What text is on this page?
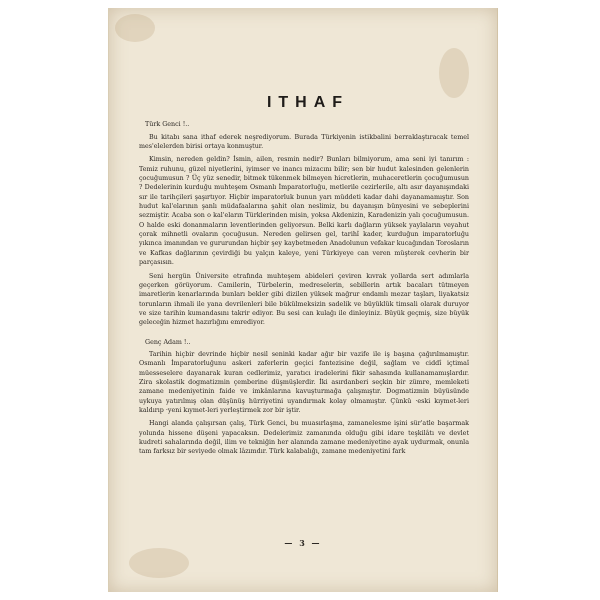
ITHAF
Türk Genci !..

Bu kitabı sana ithaf ederek neşrediyorum. Burada Türkiyenin istikbalini berraklaştıracak temel mes'elelerden birisi ortaya konmuştur.

Kimsin, nereden geldin? İsmin, ailen, resmin nedir? Bunları bilmiyorum, ama seni iyi tanırım : Temiz ruhunu, güzel niyetlerini, iyimser ve inancı mizacını bilir; sen bir hudut kalesinden gelenlerin çocuğumusun ? Üç yüz senedir, bitmek tükenmek bilmeyen hicretlerin, muhaceretlerin çocuğumusun ? Dedelerinin kurduğu muhteşem Osmanlı İmparatorluğu, metlerile cezirlerile, altı asır dayanışındaki sır ile tarihçileri şaşırtıyor. Hiçbir imparatorluk bunun yarı müddeti kadar dahi dayanamamıştır. Son hudut kal'elarının şanlı müdafaalarına şahit olan neslimiz, bu dayanışın bünyesini ve sebeplerini sezmiştir. Acaba son o kal'eların Türklerinden misin, yoksa Akdenizin, Karadenizin yalı çocuğumusun. O halde eski donanmaların leventlerinden geliyorsun. Belki karlı dağların yüksek yaylaların veyahut çorak mihnetli ovaların çocuğusun. Nereden gelirsen gel, tarihî kader, kurduğun imparatorluğu yıkınca imanından ve gururundan hiçbir şey kaybetmeden Anadolunun vefakar kucağından Torosların ve Kafkas dağlarının çevirdiği bu yalçın kaleye, yeni Türkiyeye can veren müşterek cevherin bir parçasısın.

Seni hergün Üniversite etrafında muhteşem abideleri çeviren kıvrak yollarda sert adımlarla geçerken görüyorum. Camilerin, Türbelerin, medreselerin, sebillerin artık bacaları tütmeyen imaretlerin kenarlarında bunları bekler gibi dizilen yüksek mağrur endamlı mezar taşları, liyakatsiz torunların ihmali ile yana devrilenleri bile bükülmeksizin sadelik ve büyüklük timsali olarak duruyor ve size tarihin kumandasını takrir ediyor. Bu sesi can kulağı ile dinleyiniz. Büyük geçmiş, size büyük geleceğin hizmet hazırlığını emrediyor.

Genç Adam !..

Tarihin hiçbir devrinde hiçbir nesil seninki kadar ağır bir vazife ile iş başına çağırılmamıştır. Osmanlı İmparatorluğunu askeri zaferlerin geçici fantezisine değil, sağlam ve ciddî içtimaî müesseselere dayanarak kuran cedlerimiz, yaratıcı iradelerini fikir sahasında kullanamamışlardır. Zira skolastik dogmatizmin çemberine düşmüşlerdir. İki asırdanberi seçkin bir zümre, memleketi zamane medeniyetinin faide ve imkânlarına kavuşturmağa çalışmıştır. Dogmatizmin büyüsünde uykuya yatırılmış olan düşünüş hürriyetini uyandırmak kolay olmamıştır. Çünkü ·eski kıymet-leri kaldırıp ·yeni kıymet-leri yerleştirmek zor bir iştir.

Hangi alanda çalışırsan çalış, Türk Genci, bu muasırlaşma, zamanelesme işini sür'atle başarmak yolunda hissene düşeni yapacaksın. Dedelerimiz zamanında olduğu gibi idare teşkilâtı ve devlet kudreti sahalarında değil, ilim ve tekniğin her alanında zamane medeniyetine ayak uydurmak, onunla tam farksız bir seviyede olmak lâzımdır. Türk kalabalığı, zamane medeniyetini fark

— 3 —
